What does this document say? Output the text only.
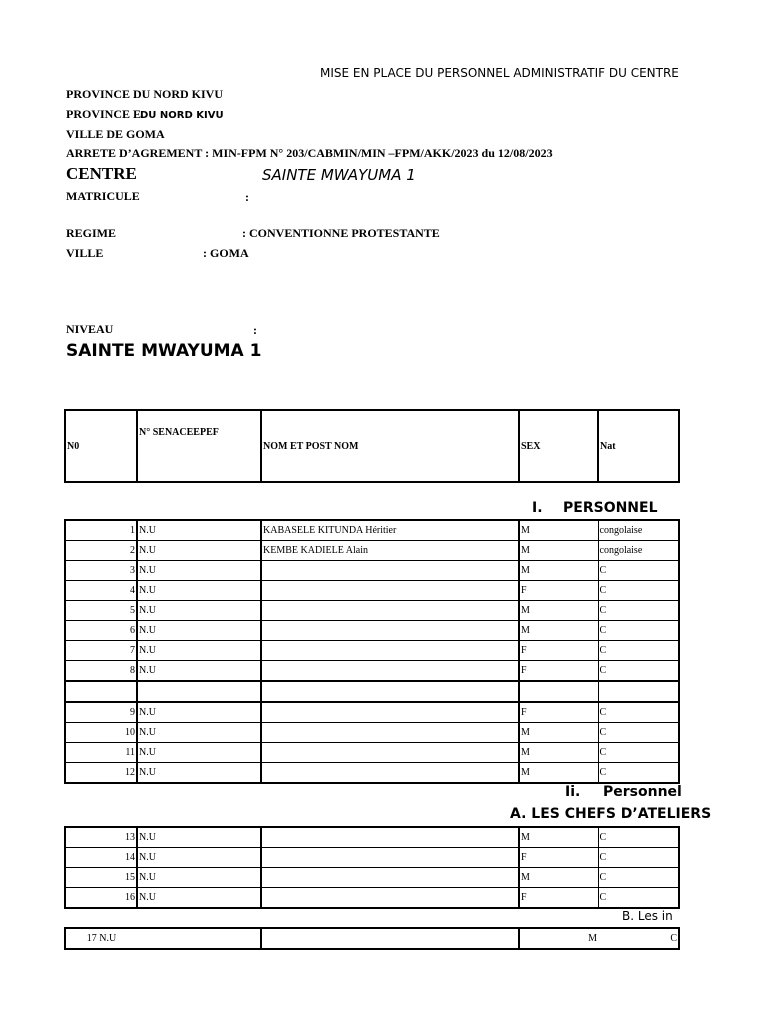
MISE EN PLACE DU PERSONNEL ADMINISTRATIF DU CENTRE
PROVINCE DU NORD KIVU
PROVINCE E
DU NORD KIVU
VILLE DE GOMA
ARRETE D’AGREMENT : MIN-FPM N° 203/CABMIN/MIN –FPM/AKK/2023 du 12/08/2023
CENTRE	SAINTE MWAYUMA 1
MATRICULE	:
REGIME	: CONVENTIONNE PROTESTANTE
VILLE	: GOMA
NIVEAU	:
SAINTE MWAYUMA 1
N0	N° SENACEEPEF	NOM ET POST NOM	SEX	Nat
I. PERSONNEL
1	N.U	KABASELE KITUNDA Héritier	M	congolaise
2	N.U	KEMBE KADIELE Alain	M	congolaise
3	N.U		M	C
4	N.U		F	C
5	N.U		M	C
6	N.U		M	C
7	N.U		F	C
8	N.U		F	C

9	N.U		F	C
10	N.U		M	C
11	N.U		M	C
12	N.U		M	C
Ii. Personnel
A. LES CHEFS D’ATELIERS
13	N.U		M	C
14	N.U		F	C
15	N.U		M	C
16	N.U		F	C
B. Les in
17 N.U			M	C
